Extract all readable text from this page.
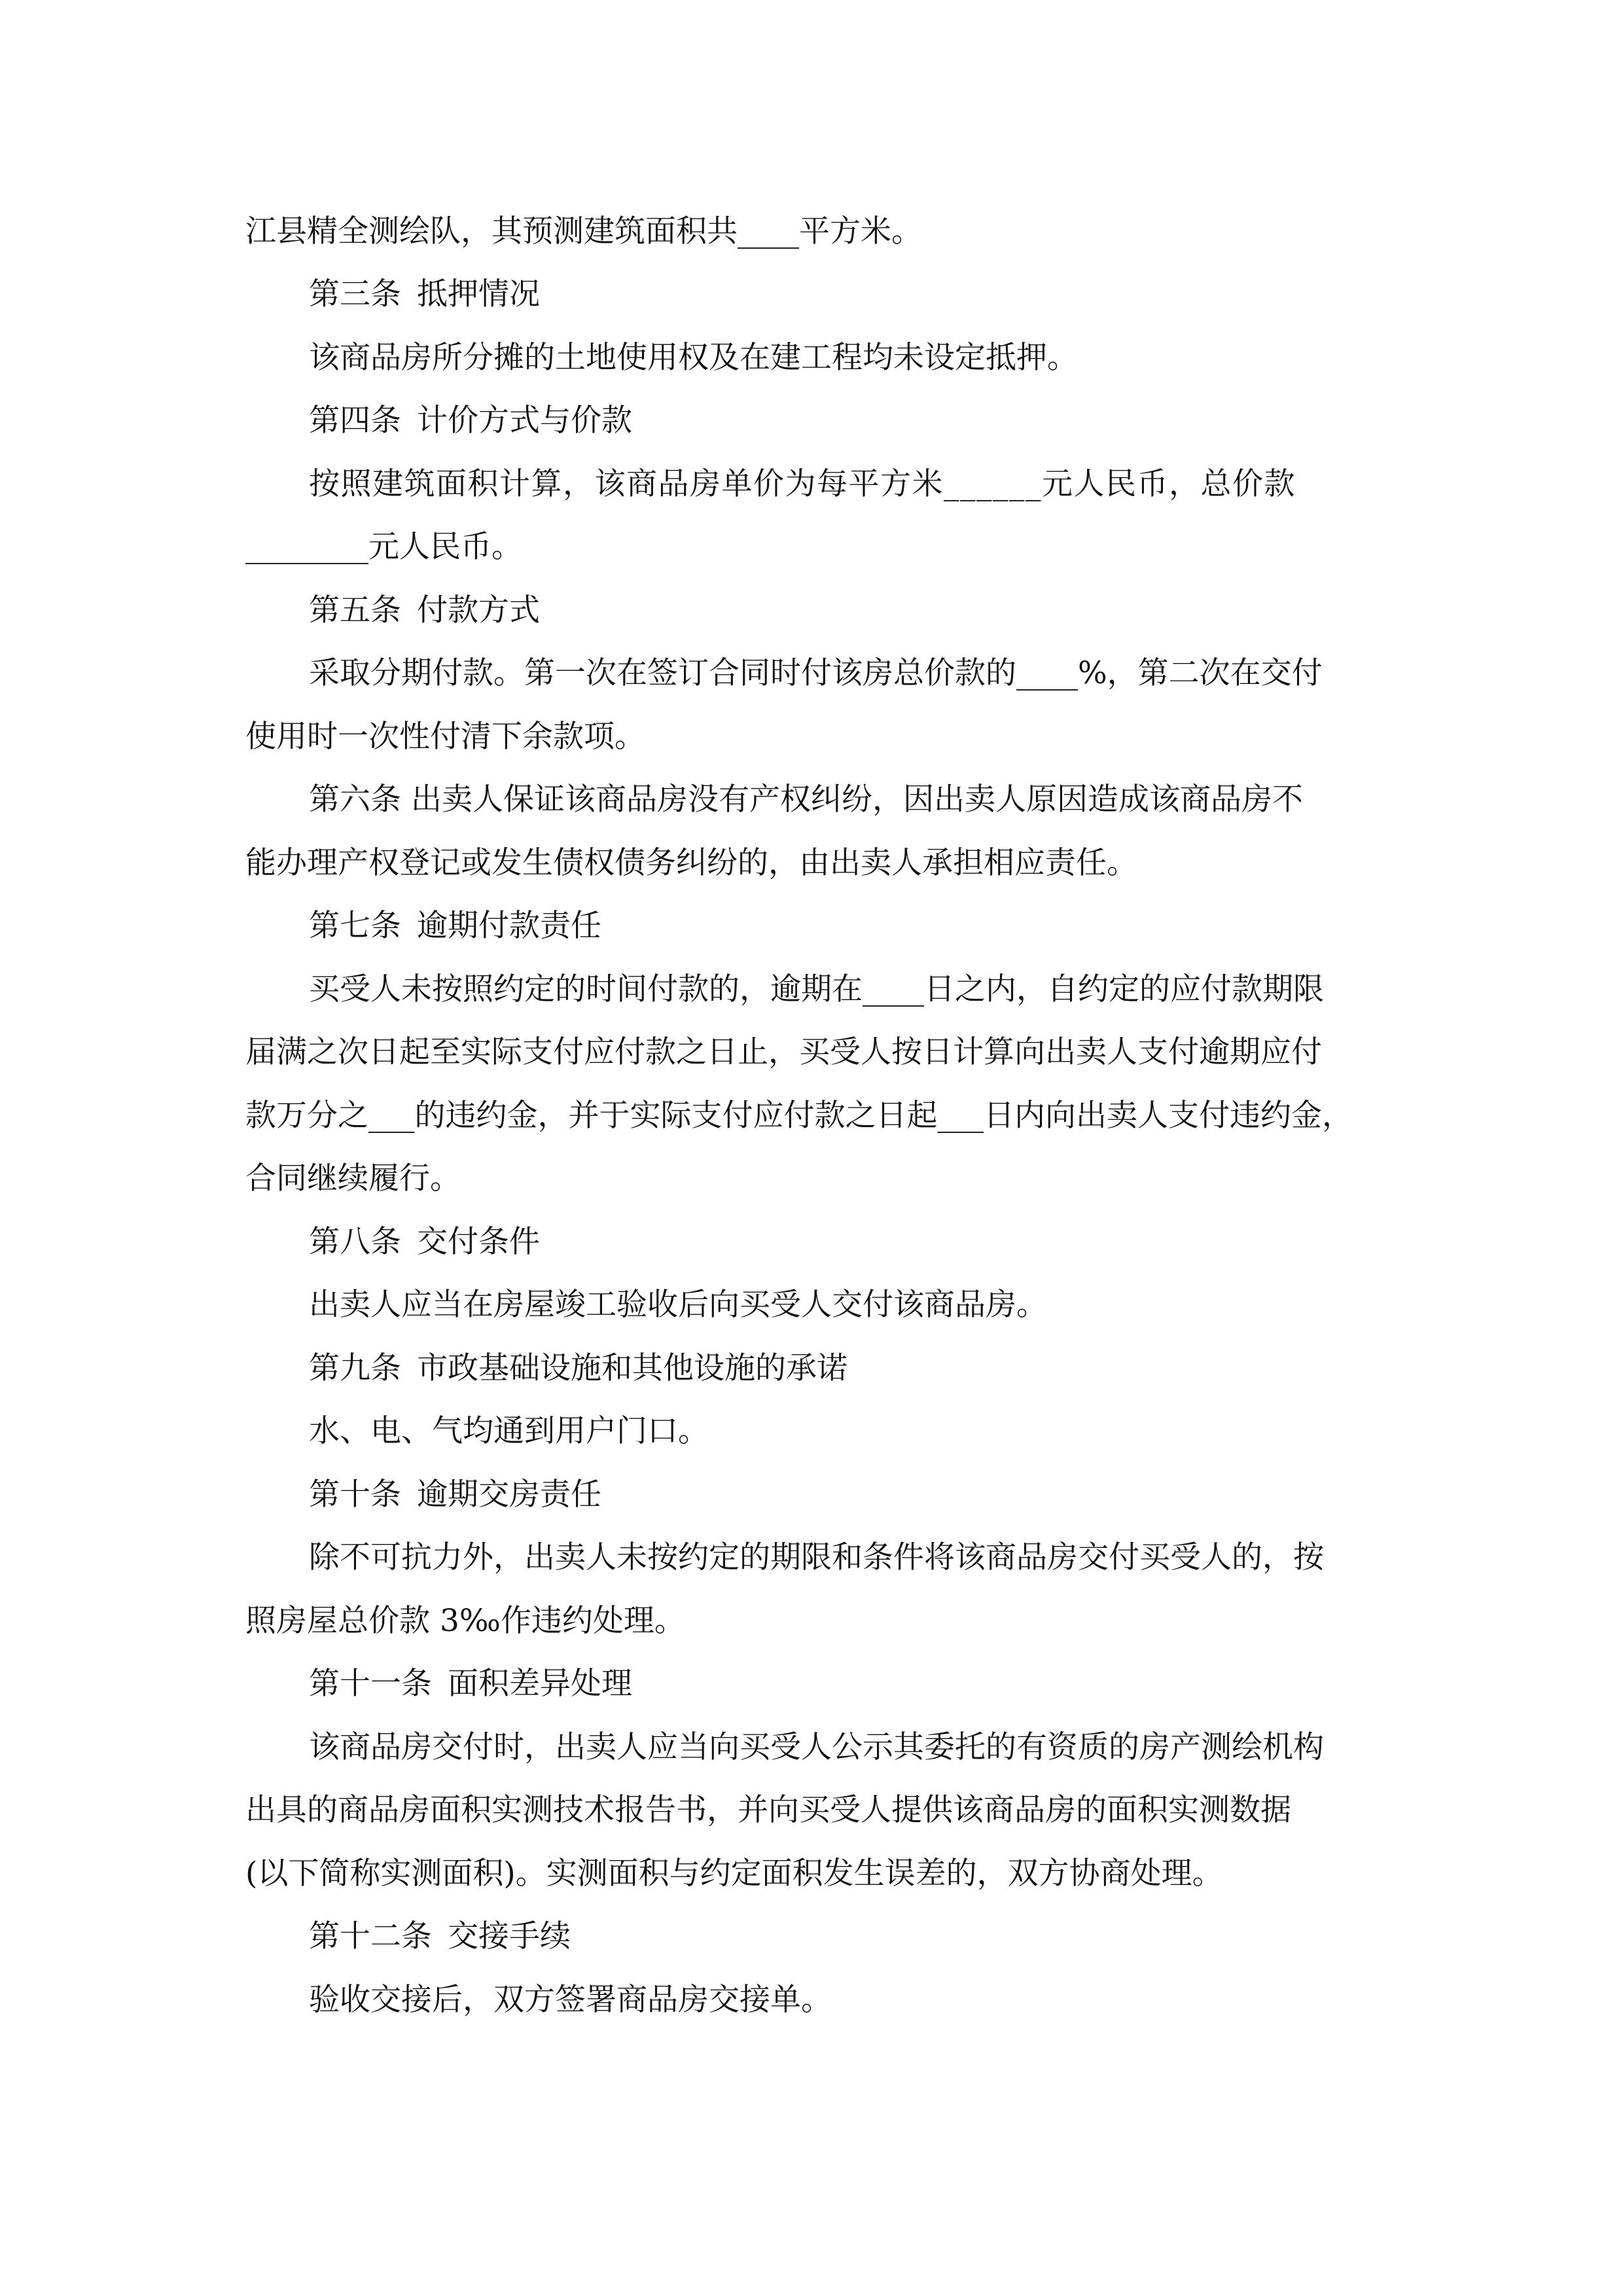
江县精全测绘队，其预测建筑面积共____平方米。
第三条 抵押情况
该商品房所分摊的土地使用权及在建工程均未设定抵押。
第四条 计价方式与价款
按照建筑面积计算，该商品房单价为每平方米______元人民币，总价款
________元人民币。
第五条 付款方式
采取分期付款。第一次在签订合同时付该房总价款的____%，第二次在交付
使用时一次性付清下余款项。
第六条 出卖人保证该商品房没有产权纠纷，因出卖人原因造成该商品房不
能办理产权登记或发生债权债务纠纷的，由出卖人承担相应责任。
第七条 逾期付款责任
买受人未按照约定的时间付款的，逾期在____日之内，自约定的应付款期限
届满之次日起至实际支付应付款之日止，买受人按日计算向出卖人支付逾期应付
款万分之___的违约金，并于实际支付应付款之日起___日内向出卖人支付违约金，
合同继续履行。
第八条 交付条件
出卖人应当在房屋竣工验收后向买受人交付该商品房。
第九条 市政基础设施和其他设施的承诺
水、电、气均通到用户门口。
第十条 逾期交房责任
除不可抗力外，出卖人未按约定的期限和条件将该商品房交付买受人的，按
照房屋总价款 3‰作违约处理。
第十一条 面积差异处理
该商品房交付时，出卖人应当向买受人公示其委托的有资质的房产测绘机构
出具的商品房面积实测技术报告书，并向买受人提供该商品房的面积实测数据
(以下简称实测面积)。实测面积与约定面积发生误差的，双方协商处理。
第十二条 交接手续
验收交接后，双方签署商品房交接单。
